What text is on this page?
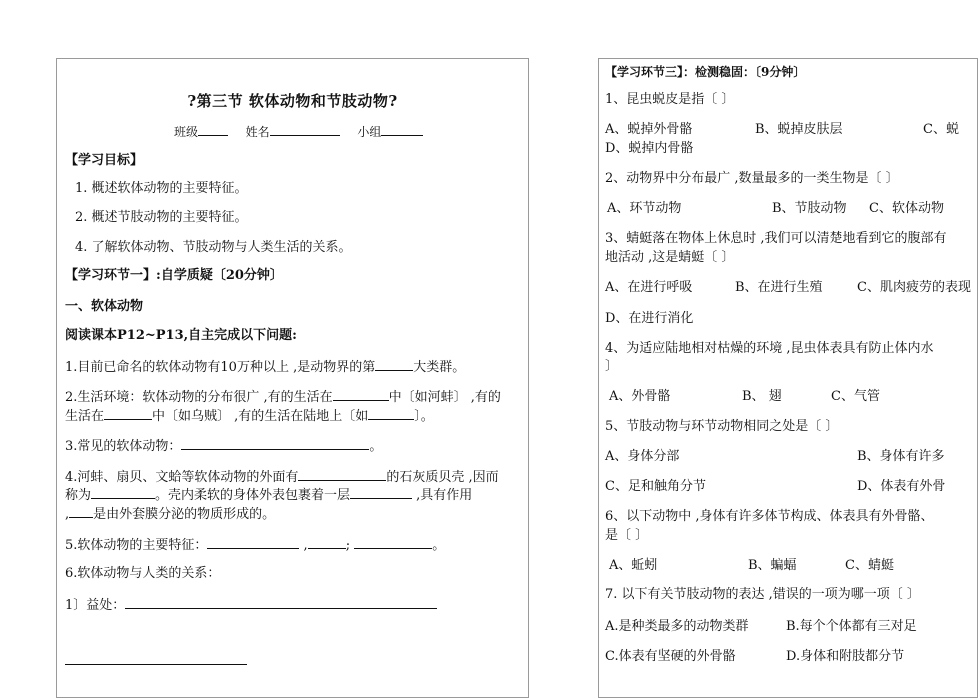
?第三节 软体动物和节肢动物?
班级	姓名	小组
【学习目标】
1. 概述软体动物的主要特征。
2. 概述节肢动物的主要特征。
4. 了解软体动物、节肢动物与人类生活的关系。
【学习环节一】:自学质疑〔20分钟〕
一、软体动物
阅读课本P12~P13,自主完成以下问题:
1.目前已命名的软体动物有10万种以上 ,是动物界的第	大类群。
2.生活环境：软体动物的分布很广 ,有的生活在	中〔如河蚌〕 ,有的
生活在	中〔如乌贼〕 ,有的生活在陆地上〔如	〕。
3.常见的软体动物：	。
4.河蚌、扇贝、文蛤等软体动物的外面有	的石灰质贝壳 ,因而
称为	。壳内柔软的身体外表包裹着一层	,具有作用
, 是由外套膜分泌的物质形成的。
5.软体动物的主要特征：	,	;	。
6.软体动物与人类的关系：
1〕益处：
【学习环节三】：检测稳固：〔9分钟〕
1、昆虫蜕皮是指〔 〕
A、蜕掉外骨骼	B、蜕掉皮肤层	C、蜕
D、蜕掉内骨骼
2、动物界中分布最广 ,数量最多的一类生物是〔 〕
A、环节动物	B、节肢动物 C、软体动物
3、蜻蜓落在物体上休息时 ,我们可以清楚地看到它的腹部有
地活动 ,这是蜻蜓〔 〕
A、在进行呼吸	B、在进行生殖	C、肌肉疲劳的表现
D、在进行消化
4、为适应陆地相对枯燥的环境 ,昆虫体表具有防止体内水
〕
A、外骨骼	B、 翅	C、气管
5、节肢动物与环节动物相同之处是〔 〕
A、身体分部	B、身体有许多
C、足和触角分节	D、体表有外骨
6、以下动物中 ,身体有许多体节构成、体表具有外骨骼、
是〔 〕
A、蚯蚓	B、蝙蝠	C、蜻蜓
7. 以下有关节肢动物的表达 ,错误的一项为哪一项〔 〕
A.是种类最多的动物类群	B.每个个体都有三对足
C.体表有坚硬的外骨骼	D.身体和附肢都分节
